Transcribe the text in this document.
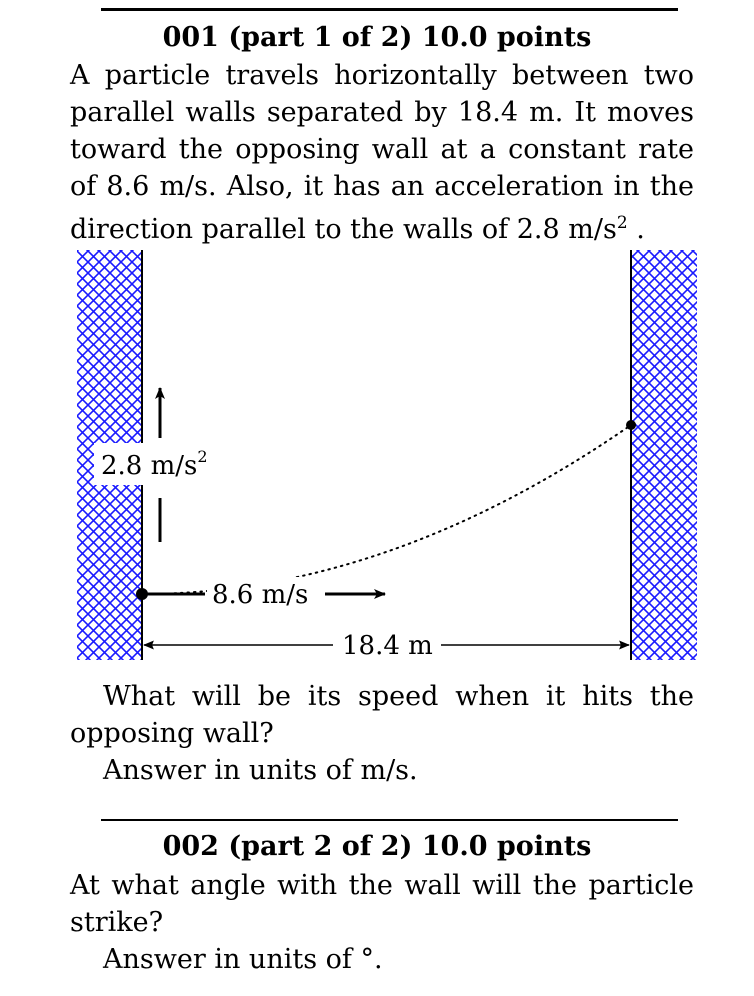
001 (part 1 of 2) 10.0 points
A particle travels horizontally between two
parallel walls separated by 18.4 m. It moves
toward the opposing wall at a constant rate
of 8.6 m/s. Also, it has an acceleration in the
direction parallel to the walls of 2.8 $m/s^2$ .
2.8 $m/s^2$
8.6 m/s
18.4 m
What will be its speed when it hits the
opposing wall?

Answer in units of m/s.

002 (part 2 of 2) 10.0 points
At what angle with the wall will the particle
strike?

Answer in units of °.
